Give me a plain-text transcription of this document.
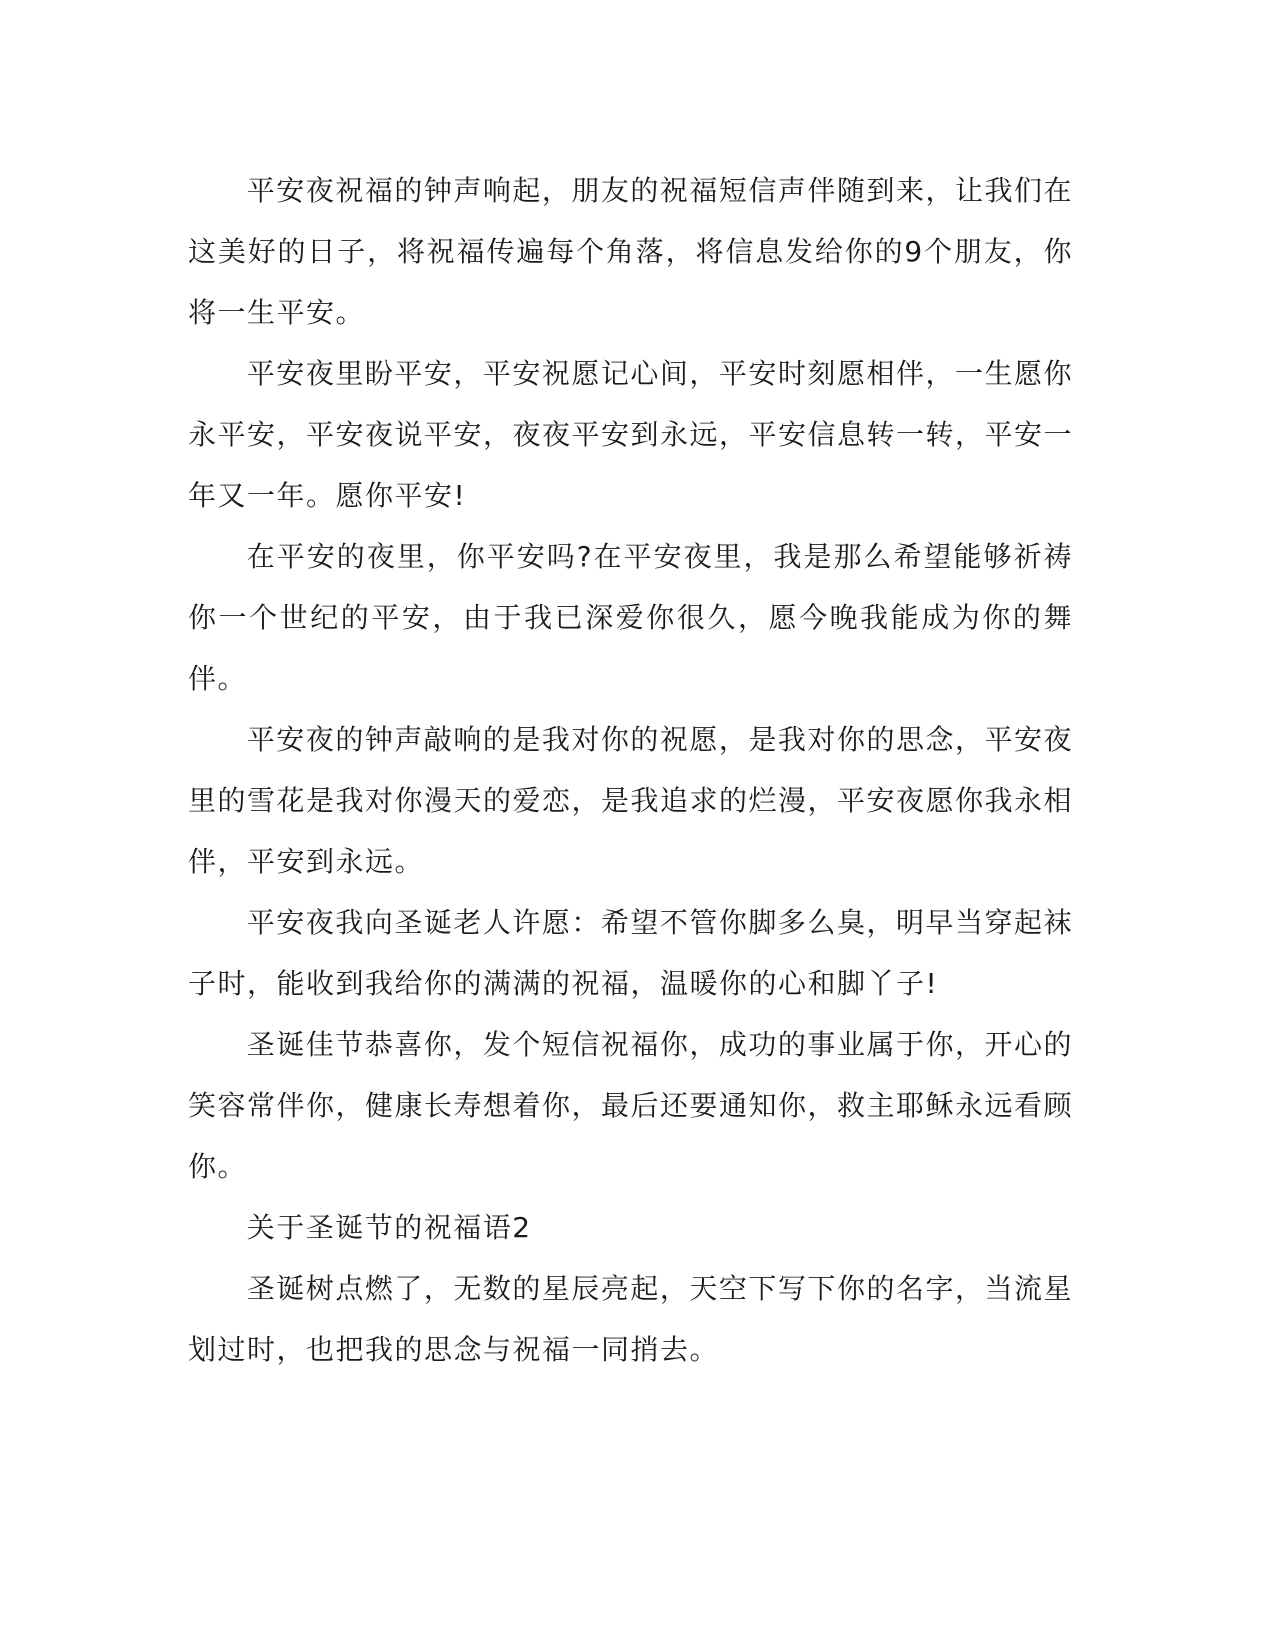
平安夜祝福的钟声响起，朋友的祝福短信声伴随到来，让我们在这美好的日子，将祝福传遍每个角落，将信息发给你的9个朋友，你将一生平安。

平安夜里盼平安，平安祝愿记心间，平安时刻愿相伴，一生愿你永平安，平安夜说平安，夜夜平安到永远，平安信息转一转，平安一年又一年。愿你平安!

在平安的夜里，你平安吗?在平安夜里，我是那么希望能够祈祷你一个世纪的平安，由于我已深爱你很久，愿今晚我能成为你的舞伴。

平安夜的钟声敲响的是我对你的祝愿，是我对你的思念，平安夜里的雪花是我对你漫天的爱恋，是我追求的烂漫，平安夜愿你我永相伴，平安到永远。

平安夜我向圣诞老人许愿：希望不管你脚多么臭，明早当穿起袜子时，能收到我给你的满满的祝福，温暖你的心和脚丫子!

圣诞佳节恭喜你，发个短信祝福你，成功的事业属于你，开心的笑容常伴你，健康长寿想着你，最后还要通知你，救主耶稣永远看顾你。

关于圣诞节的祝福语2

圣诞树点燃了，无数的星辰亮起，天空下写下你的名字，当流星划过时，也把我的思念与祝福一同捎去。
